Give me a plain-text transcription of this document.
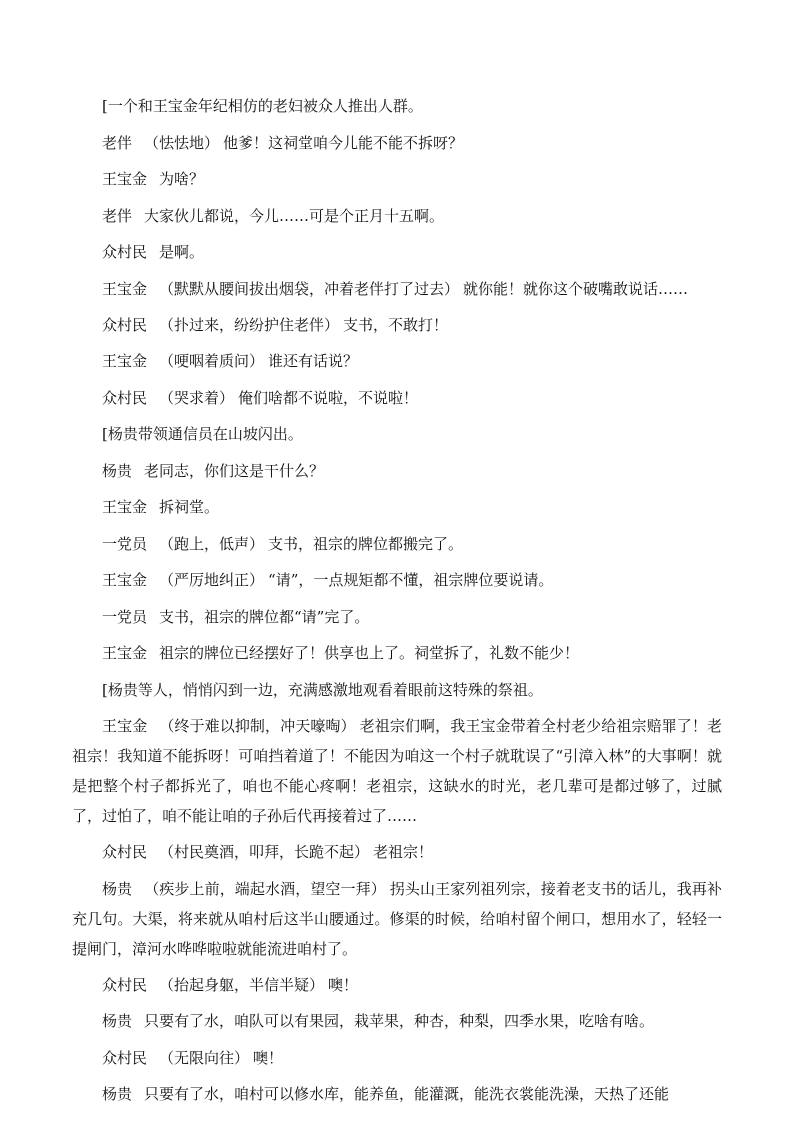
[一个和王宝金年纪相仿的老妇被众人推出人群。

老伴 （怯怯地） 他爹！这祠堂咱今儿能不能不拆呀？

王宝金 为啥？

老伴 大家伙儿都说，今儿……可是个正月十五啊。

众村民 是啊。

王宝金 （默默从腰间拔出烟袋，冲着老伴打了过去） 就你能！就你这个破嘴敢说话……

众村民 （扑过来，纷纷护住老伴） 支书，不敢打！

王宝金 （哽咽着质问） 谁还有话说？

众村民 （哭求着） 俺们啥都不说啦，不说啦！

[杨贵带领通信员在山坡闪出。

杨贵 老同志，你们这是干什么？

王宝金 拆祠堂。

一党员 （跑上，低声） 支书，祖宗的牌位都搬完了。

王宝金 （严厉地纠正） “请”，一点规矩都不懂，祖宗牌位要说请。

一党员 支书，祖宗的牌位都“请”完了。

王宝金 祖宗的牌位已经摆好了！供享也上了。祠堂拆了，礼数不能少！

[杨贵等人，悄悄闪到一边，充满感激地观看着眼前这特殊的祭祖。

王宝金 （终于难以抑制，冲天嚎啕） 老祖宗们啊，我王宝金带着全村老少给祖宗赔罪了！老祖宗！我知道不能拆呀！可咱挡着道了！不能因为咱这一个村子就耽误了“引漳入林”的大事啊！就是把整个村子都拆光了，咱也不能心疼啊！老祖宗，这缺水的时光，老几辈可是都过够了，过腻了，过怕了，咱不能让咱的子孙后代再接着过了……

众村民 （村民奠酒，叩拜，长跪不起） 老祖宗！

杨贵 （疾步上前，端起水酒，望空一拜） 拐头山王家列祖列宗，接着老支书的话儿，我再补充几句。大渠，将来就从咱村后这半山腰通过。修渠的时候，给咱村留个闸口，想用水了，轻轻一提闸门，漳河水哗哗啦啦就能流进咱村了。

众村民 （抬起身躯，半信半疑） 噢！

杨贵 只要有了水，咱队可以有果园，栽苹果，种杏，种梨，四季水果，吃啥有啥。

众村民 （无限向往） 噢！

杨贵 只要有了水，咱村可以修水库，能养鱼，能灌溉，能洗衣裳能洗澡，天热了还能
